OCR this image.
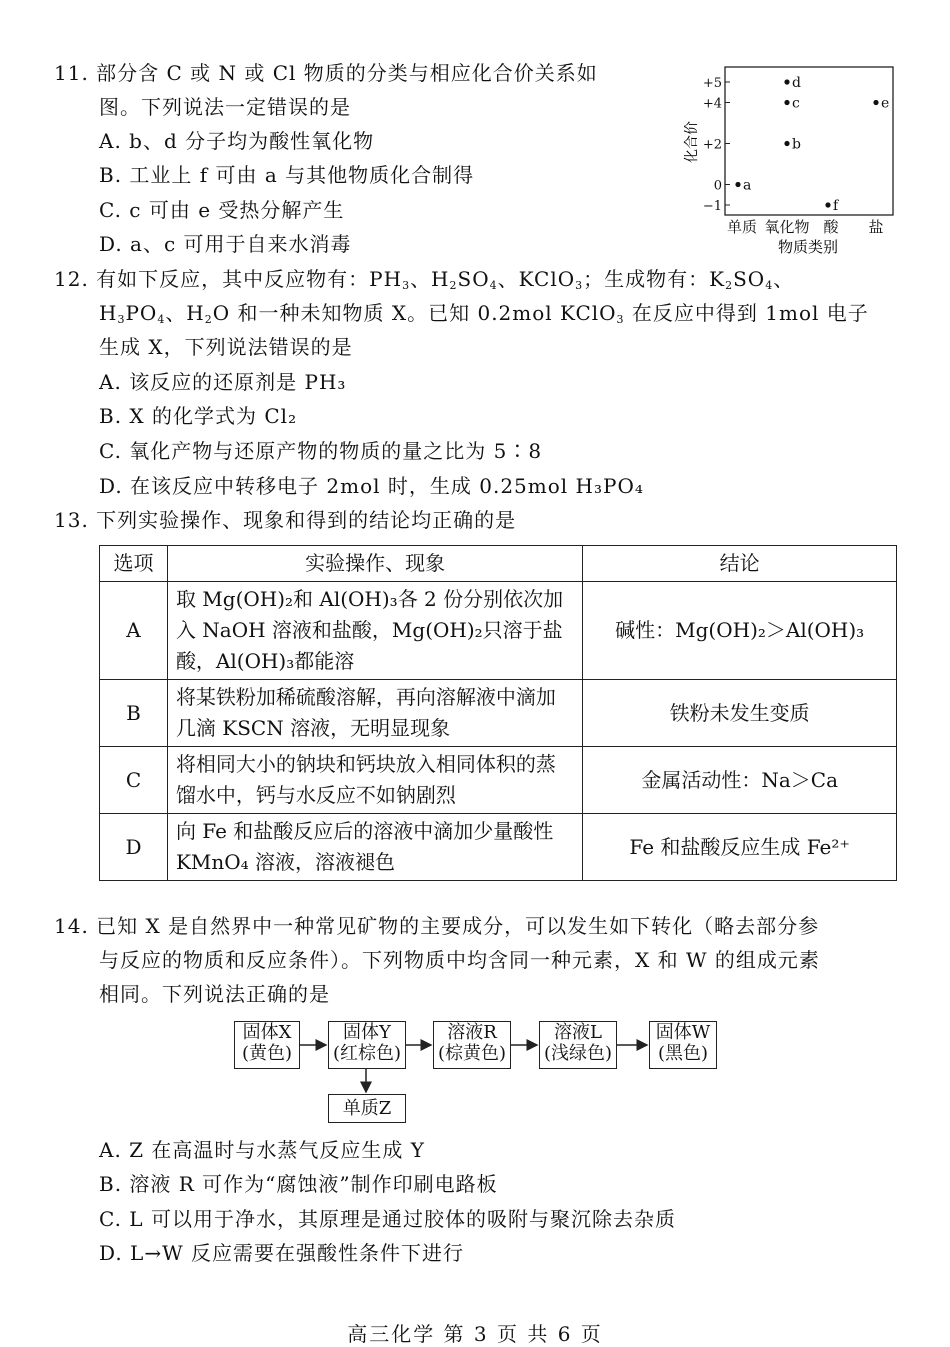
11. 部分含 C 或 N 或 Cl 物质的分类与相应化合价关系如
图。下列说法一定错误的是
A. b、d 分子均为酸性氧化物
B. 工业上 f 可由 a 与其他物质化合制得
C. c 可由 e 受热分解产生
D. a、c 可用于自来水消毒
+5
+4
+2
0
−1
a
b
c
d
e
f
化合价
单质 氧化物 酸 盐
物质类别
12. 有如下反应，其中反应物有：$PH_3$、$H_2SO_4$、KClO$_3$；生成物有：$K_2SO_4$、
$H_3PO_4$、$H_2O$ 和一种未知物质 X。已知 0.2mol KClO$_3$ 在反应中得到 1mol 电子
生成 X，下列说法错误的是
A. 该反应的还原剂是 PH₃
B. X 的化学式为 Cl₂
C. 氧化产物与还原产物的物质的量之比为 5∶8
D. 在该反应中转移电子 2mol 时，生成 0.25mol H₃PO₄
13. 下列实验操作、现象和得到的结论均正确的是
选项	实验操作、现象	结论
A	取 Mg(OH)₂和 Al(OH)₃各 2 份分别依次加入 NaOH 溶液和盐酸，Mg(OH)₂只溶于盐酸，Al(OH)₃都能溶	碱性：Mg(OH)₂＞Al(OH)₃
B	将某铁粉加稀硫酸溶解，再向溶解液中滴加几滴 KSCN 溶液，无明显现象	铁粉未发生变质
C	将相同大小的钠块和钙块放入相同体积的蒸馏水中，钙与水反应不如钠剧烈	金属活动性：Na＞Ca
D	向 Fe 和盐酸反应后的溶液中滴加少量酸性 KMnO₄ 溶液，溶液褪色	Fe 和盐酸反应生成 Fe²⁺
14. 已知 X 是自然界中一种常见矿物的主要成分，可以发生如下转化（略去部分参
与反应的物质和反应条件）。下列物质中均含同一种元素，X 和 W 的组成元素
相同。下列说法正确的是
固体X
(黄色)
固体Y
(红棕色)
溶液R
(棕黄色)
溶液L
(浅绿色)
固体W
(黑色)
单质Z
A. Z 在高温时与水蒸气反应生成 Y
B. 溶液 R 可作为“腐蚀液”制作印刷电路板
C. L 可以用于净水，其原理是通过胶体的吸附与聚沉除去杂质
D. L→W 反应需要在强酸性条件下进行
高三化学 第 3 页 共 6 页
